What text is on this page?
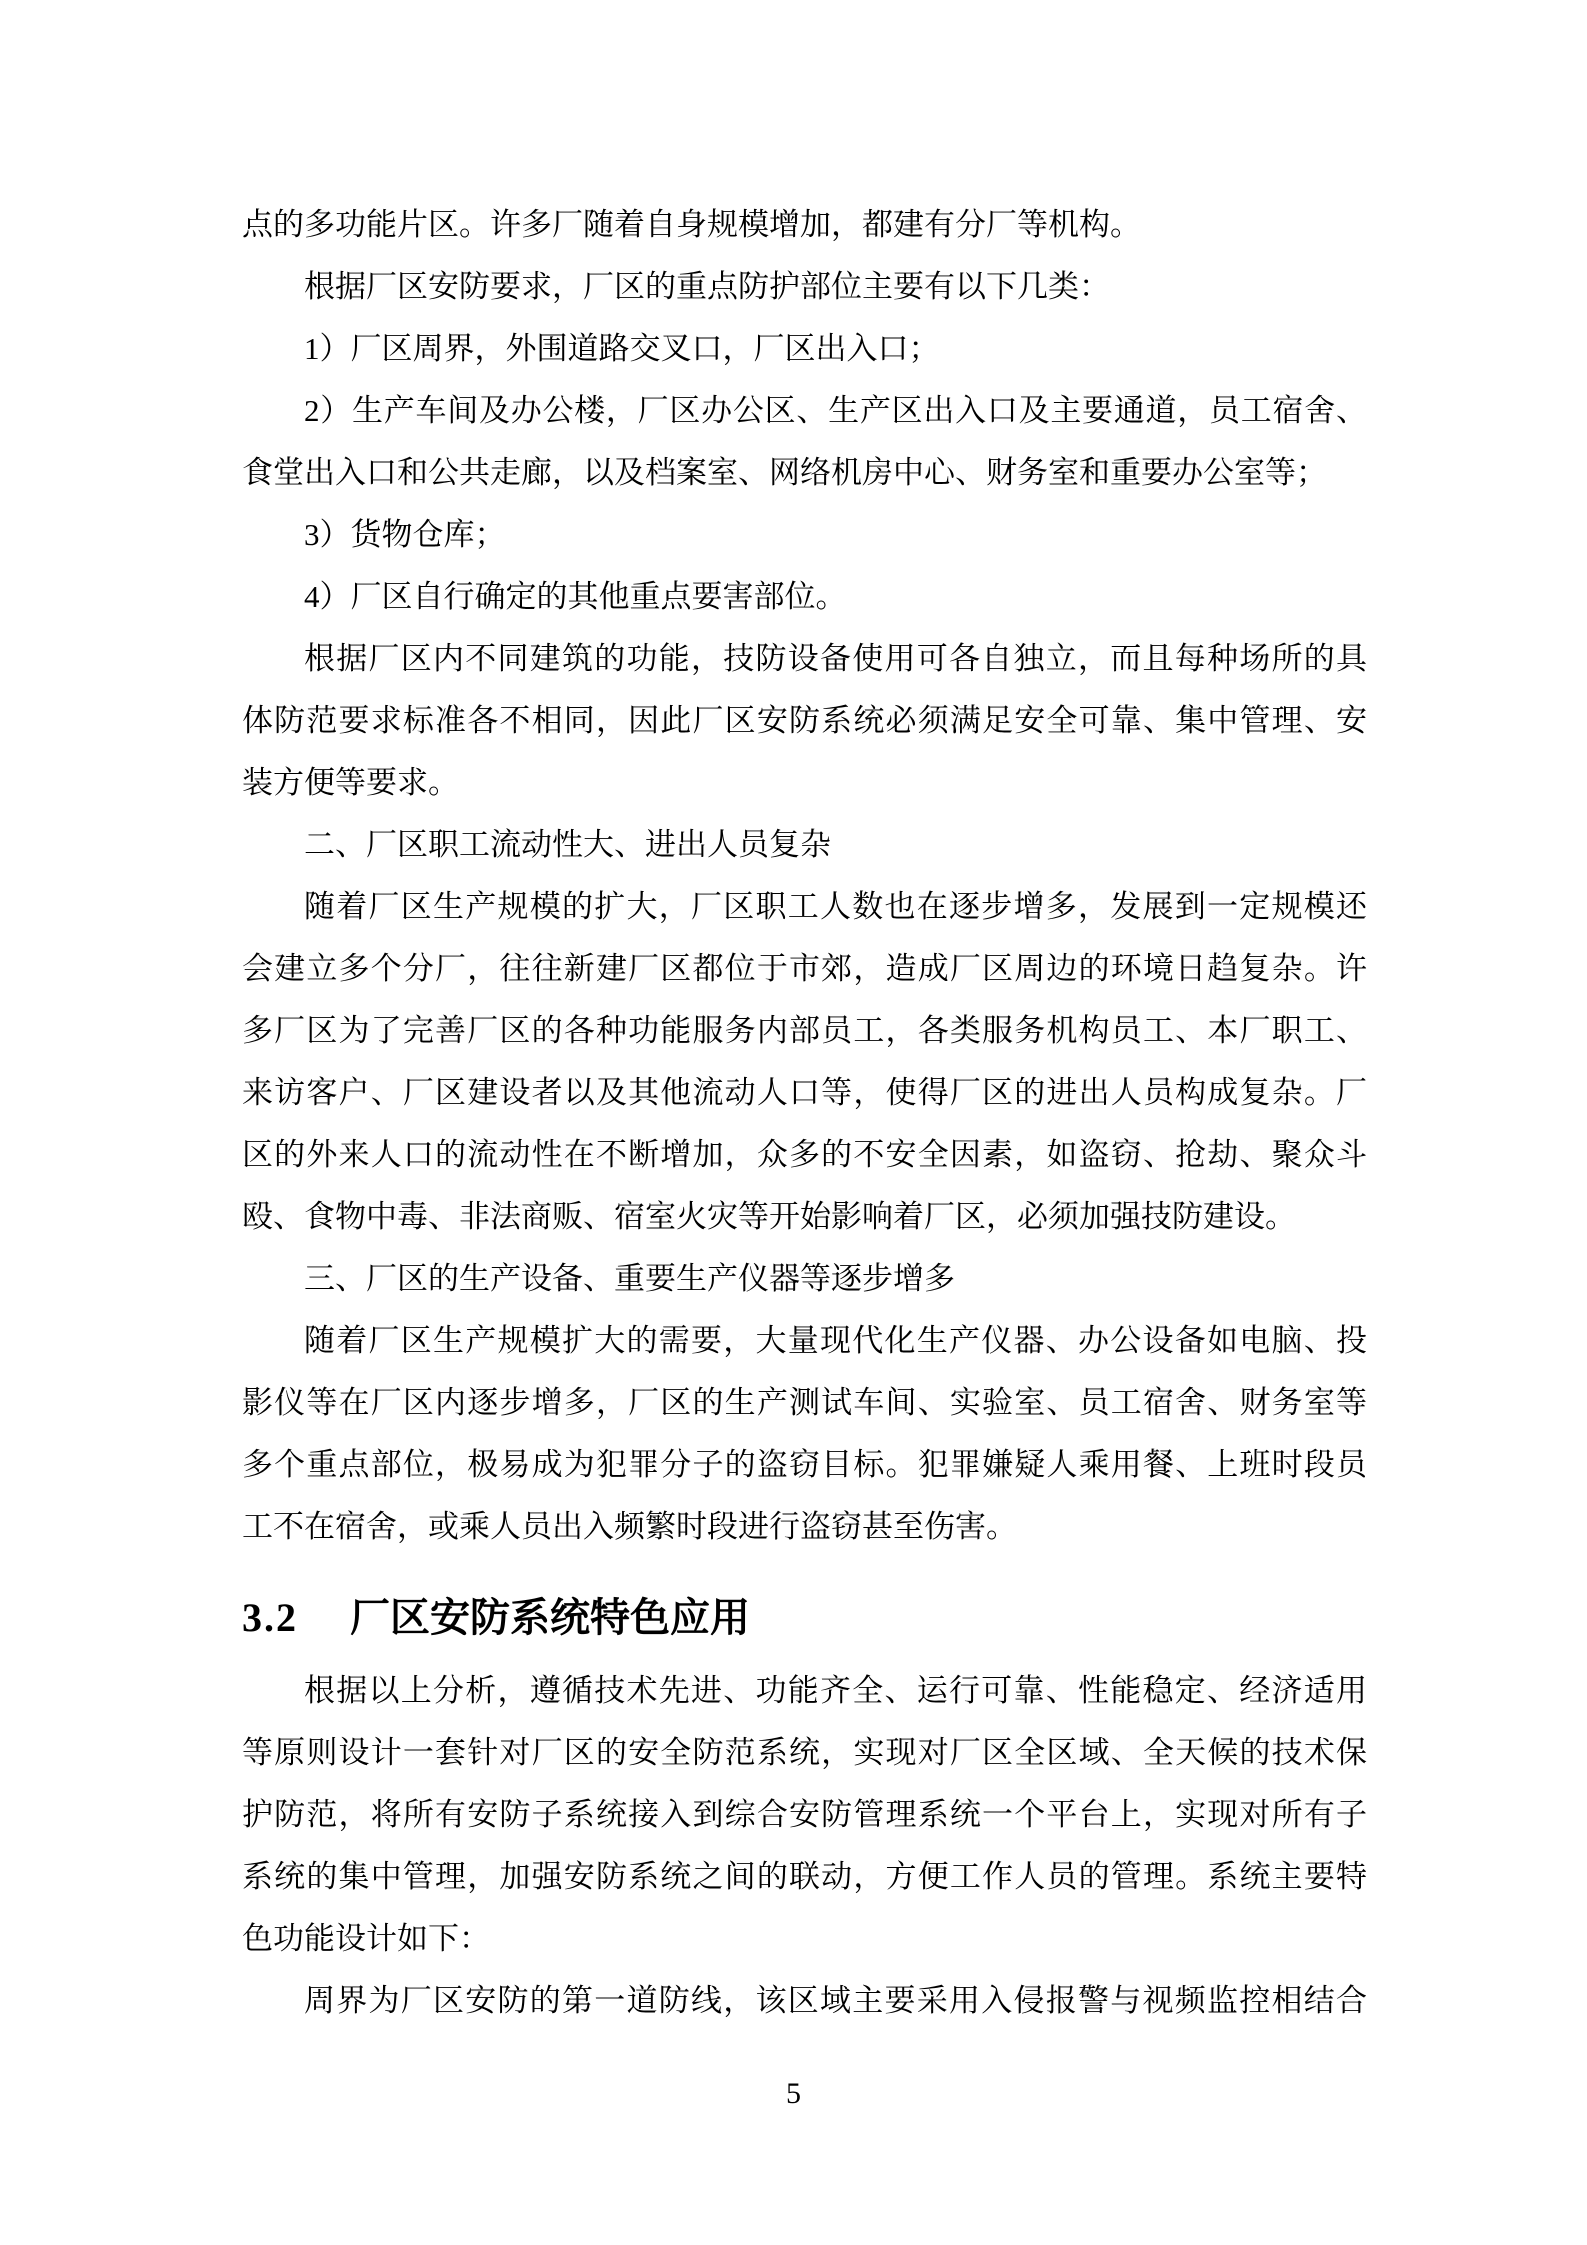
点的多功能片区。许多厂随着自身规模增加，都建有分厂等机构。
根据厂区安防要求，厂区的重点防护部位主要有以下几类：
1）厂区周界，外围道路交叉口，厂区出入口；
2）生产车间及办公楼，厂区办公区、生产区出入口及主要通道，员工宿舍、
食堂出入口和公共走廊，以及档案室、网络机房中心、财务室和重要办公室等；
3）货物仓库；
4）厂区自行确定的其他重点要害部位。
根据厂区内不同建筑的功能，技防设备使用可各自独立，而且每种场所的具
体防范要求标准各不相同，因此厂区安防系统必须满足安全可靠、集中管理、安
装方便等要求。
二、厂区职工流动性大、进出人员复杂
随着厂区生产规模的扩大，厂区职工人数也在逐步增多，发展到一定规模还
会建立多个分厂，往往新建厂区都位于市郊，造成厂区周边的环境日趋复杂。许
多厂区为了完善厂区的各种功能服务内部员工，各类服务机构员工、本厂职工、
来访客户、厂区建设者以及其他流动人口等，使得厂区的进出人员构成复杂。厂
区的外来人口的流动性在不断增加，众多的不安全因素，如盗窃、抢劫、聚众斗
殴、食物中毒、非法商贩、宿室火灾等开始影响着厂区，必须加强技防建设。
三、厂区的生产设备、重要生产仪器等逐步增多
随着厂区生产规模扩大的需要，大量现代化生产仪器、办公设备如电脑、投
影仪等在厂区内逐步增多，厂区的生产测试车间、实验室、员工宿舍、财务室等
多个重点部位，极易成为犯罪分子的盗窃目标。犯罪嫌疑人乘用餐、上班时段员
工不在宿舍，或乘人员出入频繁时段进行盗窃甚至伤害。
3.2 厂区安防系统特色应用
根据以上分析，遵循技术先进、功能齐全、运行可靠、性能稳定、经济适用
等原则设计一套针对厂区的安全防范系统，实现对厂区全区域、全天候的技术保
护防范，将所有安防子系统接入到综合安防管理系统一个平台上，实现对所有子
系统的集中管理，加强安防系统之间的联动，方便工作人员的管理。系统主要特
色功能设计如下：
周界为厂区安防的第一道防线，该区域主要采用入侵报警与视频监控相结合
5
